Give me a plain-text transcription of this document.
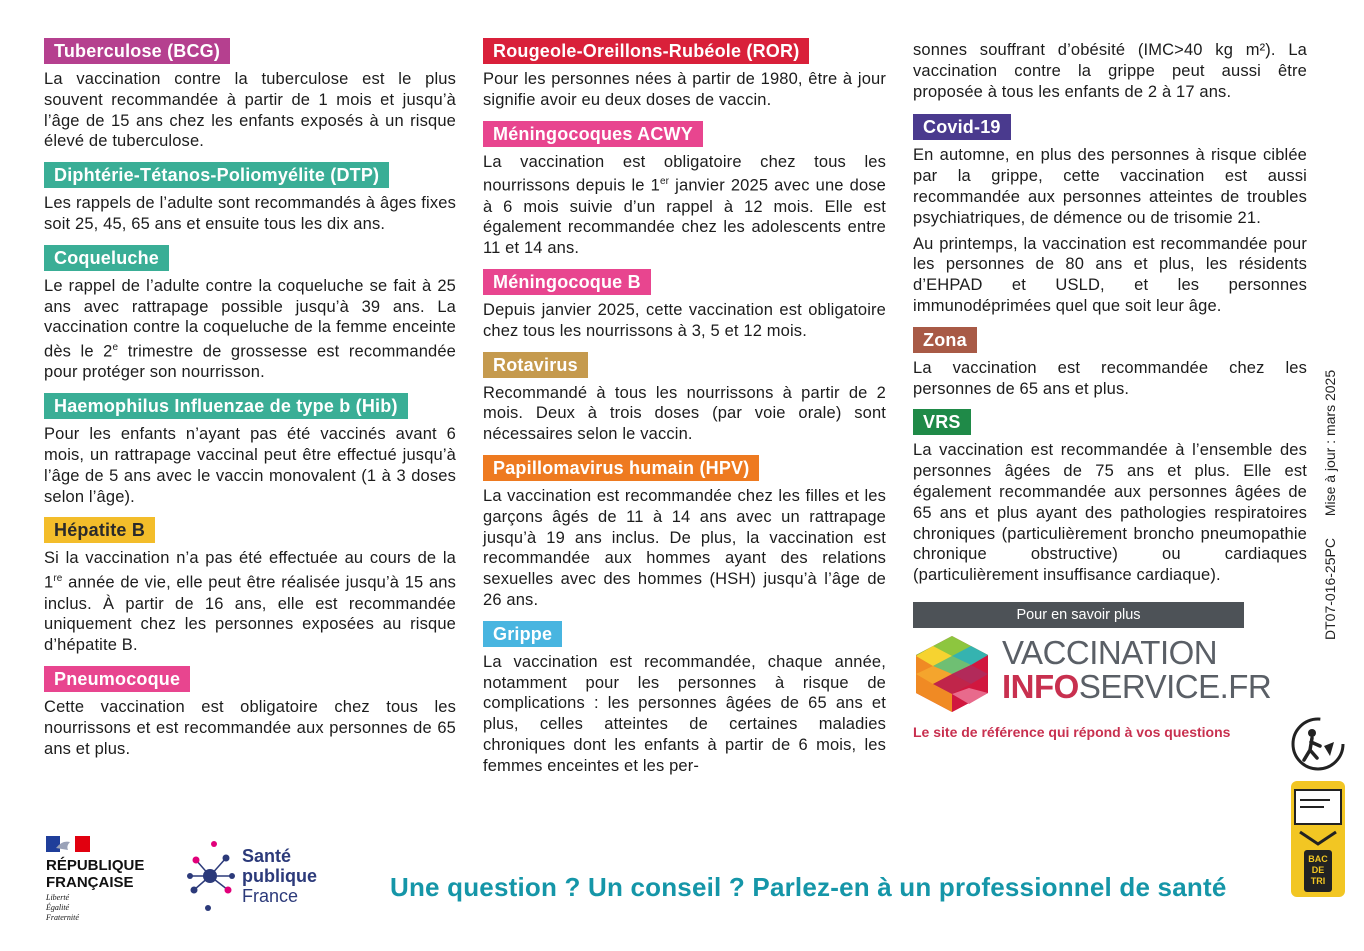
Tuberculose (BCG)

La vaccination contre la tuberculose est le plus souvent recommandée à partir de 1 mois et jusqu’à l’âge de 15 ans chez les enfants exposés à un risque élevé de tuberculose.

Diphtérie-Tétanos-Poliomyélite (DTP)

Les rappels de l’adulte sont recommandés à âges fixes soit 25, 45, 65 ans et ensuite tous les dix ans.

Coqueluche

Le rappel de l’adulte contre la coqueluche se fait à 25 ans avec rattrapage possible jusqu’à 39 ans. La vaccination contre la coqueluche de la femme enceinte dès le 2e trimestre de grossesse est recommandée pour protéger son nourrisson.

Haemophilus Influenzae de type b (Hib)

Pour les enfants n’ayant pas été vaccinés avant 6 mois, un rattrapage vaccinal peut être effectué jusqu’à l’âge de 5 ans avec le vaccin monovalent (1 à 3 doses selon l’âge).

Hépatite B

Si la vaccination n’a pas été effectuée au cours de la 1re année de vie, elle peut être réalisée jusqu’à 15 ans inclus. À partir de 16 ans, elle est recommandée uniquement chez les personnes exposées au risque d’hépatite B.

Pneumocoque

Cette vaccination est obligatoire chez tous les nourrissons et est recommandée aux personnes de 65 ans et plus.

Rougeole-Oreillons-Rubéole (ROR)

Pour les personnes nées à partir de 1980, être à jour signifie avoir eu deux doses de vaccin.

Méningocoques ACWY

La vaccination est obligatoire chez tous les nourrissons depuis le 1er janvier 2025 avec une dose à 6 mois suivie d’un rappel à 12 mois. Elle est également recommandée chez les adolescents entre 11 et 14 ans.

Méningocoque B

Depuis janvier 2025, cette vaccination est obligatoire chez tous les nourrissons à 3, 5 et 12 mois.

Rotavirus

Recommandé à tous les nourrissons à partir de 2 mois. Deux à trois doses (par voie orale) sont nécessaires selon le vaccin.

Papillomavirus humain (HPV)

La vaccination est recommandée chez les filles et les garçons âgés de 11 à 14 ans avec un rattrapage jusqu’à 19 ans inclus. De plus, la vaccination est recommandée aux hommes ayant des relations sexuelles avec des hommes (HSH) jusqu’à l’âge de 26 ans.

Grippe

La vaccination est recommandée, chaque année, notamment pour les personnes à risque de complications : les personnes âgées de 65 ans et plus, celles atteintes de certaines maladies chroniques dont les enfants à partir de 6 mois, les femmes enceintes et les per-

sonnes souffrant d’obésité (IMC>40 kg m²). La vaccination contre la grippe peut aussi être proposée à tous les enfants de 2 à 17 ans.

Covid-19

En automne, en plus des personnes à risque ciblée par la grippe, cette vaccination est aussi recommandée aux personnes atteintes de troubles psychiatriques, de démence ou de trisomie 21.

Au printemps, la vaccination est recommandée pour les personnes de 80 ans et plus, les résidents d’EHPAD et USLD, et les personnes immunodéprimées quel que soit leur âge.

Zona

La vaccination est recommandée chez les personnes de 65 ans et plus.

VRS

La vaccination est recommandée à l’ensemble des personnes âgées de 75 ans et plus. Elle est également recommandée aux personnes âgées de 65 ans et plus ayant des pathologies respiratoires chroniques (particulièrement broncho pneumopathie chronique obstructive) ou cardiaques (particulièrement insuffisance cardiaque).

Pour en savoir plus
VACCINATION
INFOSERVICE.FR
Le site de référence qui répond à vos questions
DT07-016-25PC Mise à jour : mars 2025
BAC
DE
TRI
RÉPUBLIQUE
FRANÇAISE
Liberté
Égalité
Fraternité
Santé
publique
France	Une question ? Un conseil ? Parlez-en à un professionnel de santé
